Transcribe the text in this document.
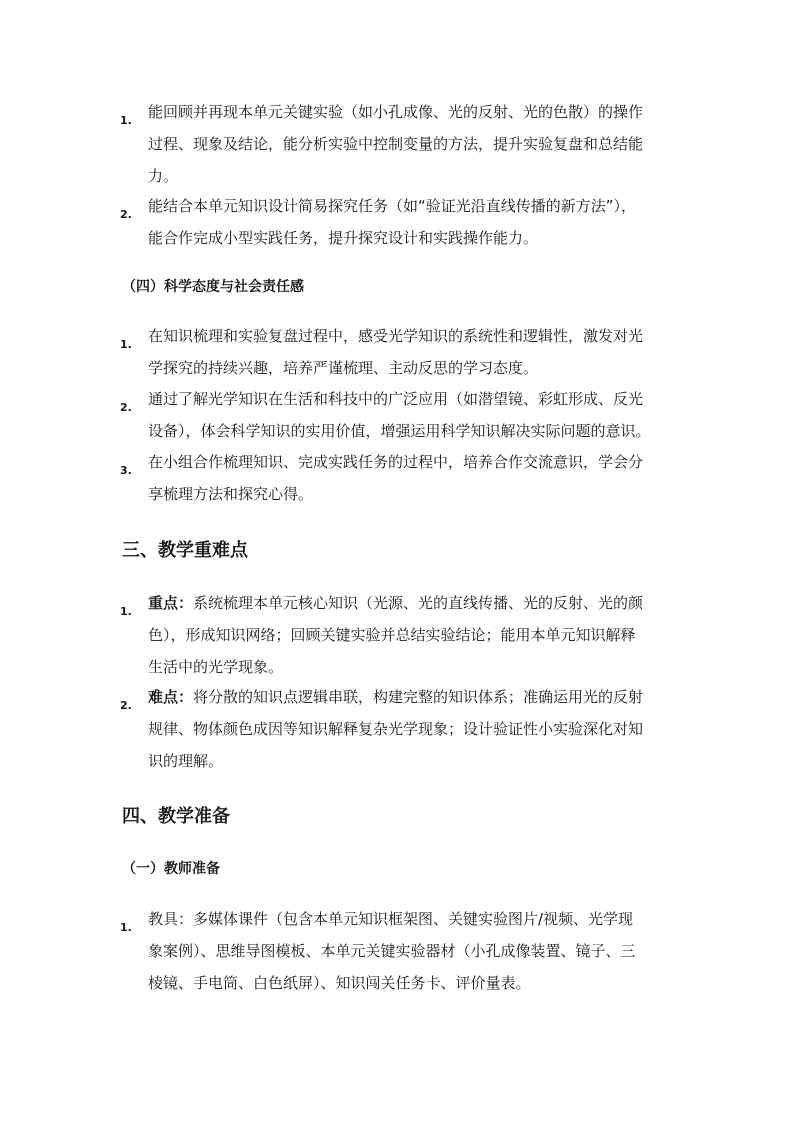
1.	能回顾并再现本单元关键实验（如小孔成像、光的反射、光的色散）的操作
过程、现象及结论，能分析实验中控制变量的方法，提升实验复盘和总结能
力。
2.	能结合本单元知识设计简易探究任务（如“验证光沿直线传播的新方法”），
能合作完成小型实践任务，提升探究设计和实践操作能力。
（四）科学态度与社会责任感
1.	在知识梳理和实验复盘过程中，感受光学知识的系统性和逻辑性，激发对光
学探究的持续兴趣，培养严谨梳理、主动反思的学习态度。
2.	通过了解光学知识在生活和科技中的广泛应用（如潜望镜、彩虹形成、反光
设备），体会科学知识的实用价值，增强运用科学知识解决实际问题的意识。
3.	在小组合作梳理知识、完成实践任务的过程中，培养合作交流意识，学会分
享梳理方法和探究心得。
三、教学重难点
1.	重点：系统梳理本单元核心知识（光源、光的直线传播、光的反射、光的颜
色），形成知识网络；回顾关键实验并总结实验结论；能用本单元知识解释
生活中的光学现象。
2.	难点：将分散的知识点逻辑串联，构建完整的知识体系；准确运用光的反射
规律、物体颜色成因等知识解释复杂光学现象；设计验证性小实验深化对知
识的理解。
四、教学准备
（一）教师准备
1.	教具：多媒体课件（包含本单元知识框架图、关键实验图片/视频、光学现
象案例）、思维导图模板、本单元关键实验器材（小孔成像装置、镜子、三
棱镜、手电筒、白色纸屏）、知识闯关任务卡、评价量表。
